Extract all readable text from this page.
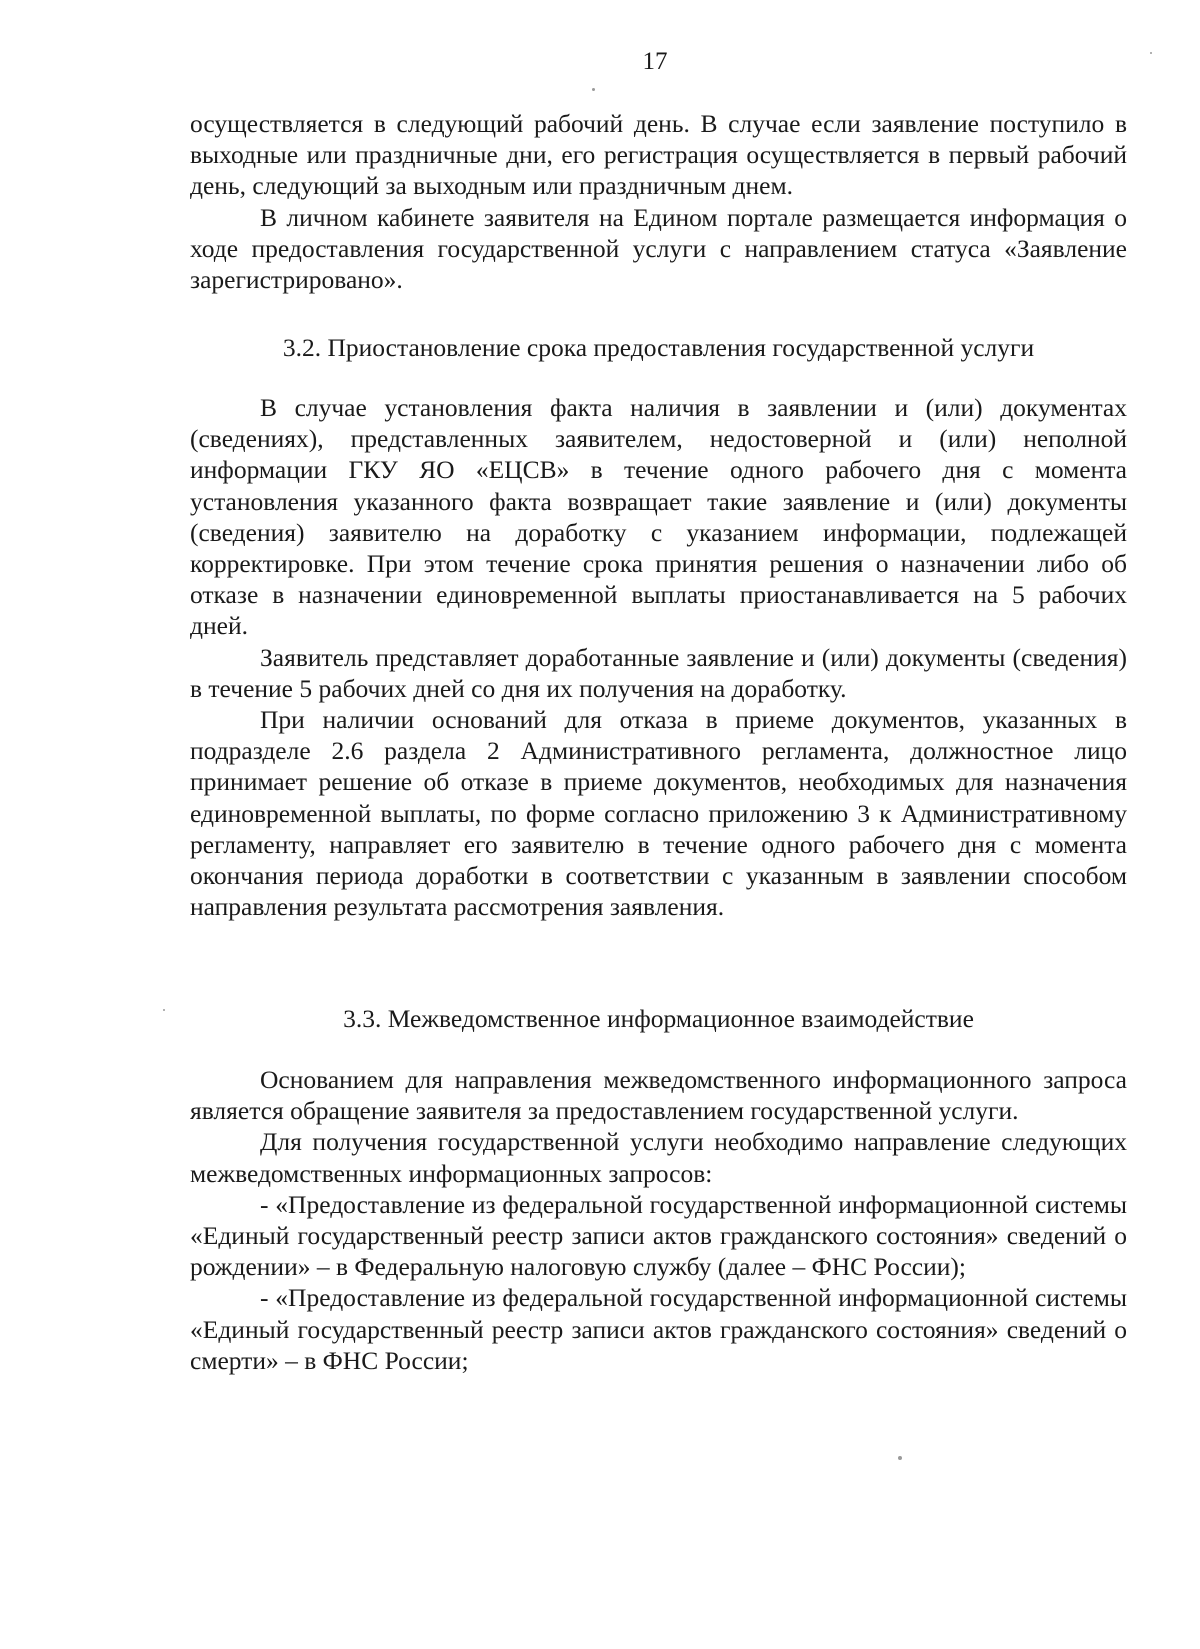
17

осуществляется в следующий рабочий день. В случае если заявление поступило в выходные или праздничные дни, его регистрация осуществляется в первый рабочий день, следующий за выходным или праздничным днем.

В личном кабинете заявителя на Едином портале размещается информация о ходе предоставления государственной услуги с направлением статуса «Заявление зарегистрировано».

3.2. Приостановление срока предоставления государственной услуги

В случае установления факта наличия в заявлении и (или) документах (сведениях), представленных заявителем, недостоверной и (или) неполной информации ГКУ ЯО «ЕЦСВ» в течение одного рабочего дня с момента установления указанного факта возвращает такие заявление и (или) документы (сведения) заявителю на доработку с указанием информации, подлежащей корректировке. При этом течение срока принятия решения о назначении либо об отказе в назначении единовременной выплаты приостанавливается на 5 рабочих дней.

Заявитель представляет доработанные заявление и (или) документы (сведения) в течение 5 рабочих дней со дня их получения на доработку.

При наличии оснований для отказа в приеме документов, указанных в подразделе 2.6 раздела 2 Административного регламента, должностное лицо принимает решение об отказе в приеме документов, необходимых для назначения единовременной выплаты, по форме согласно приложению 3 к Административному регламенту, направляет его заявителю в течение одного рабочего дня с момента окончания периода доработки в соответствии с указанным в заявлении способом направления результата рассмотрения заявления.

3.3. Межведомственное информационное взаимодействие

Основанием для направления межведомственного информационного запроса является обращение заявителя за предоставлением государственной услуги.

Для получения государственной услуги необходимо направление следующих межведомственных информационных запросов:

- «Предоставление из федеральной государственной информационной системы «Единый государственный реестр записи актов гражданского состояния» сведений о рождении» – в Федеральную налоговую службу (далее – ФНС России);

- «Предоставление из федеральной государственной информационной системы «Единый государственный реестр записи актов гражданского состояния» сведений о смерти» – в ФНС России;
